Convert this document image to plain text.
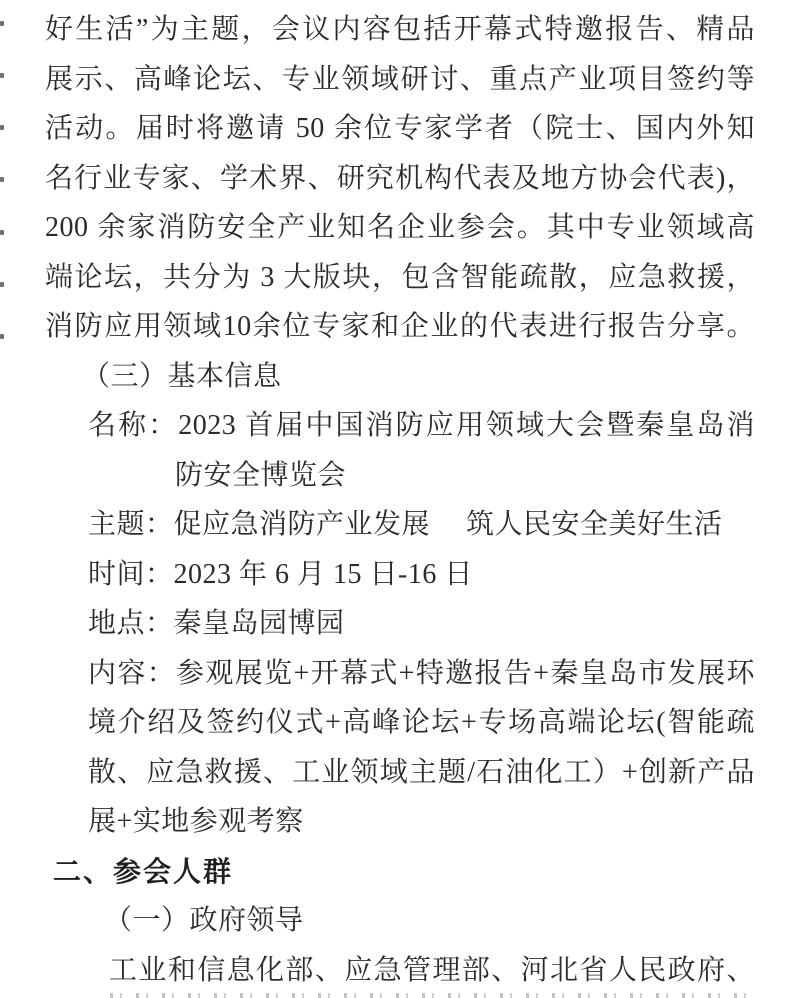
好生活”为主题，会议内容包括开幕式特邀报告、精品
展示、高峰论坛、专业领域研讨、重点产业项目签约等
活动。届时将邀请 50 余位专家学者（院士、国内外知
名行业专家、学术界、研究机构代表及地方协会代表)，
200 余家消防安全产业知名企业参会。其中专业领域高
端论坛，共分为 3 大版块，包含智能疏散，应急救援，
消防应用领域10余位专家和企业的代表进行报告分享。
（三）基本信息
名称：2023 首届中国消防应用领域大会暨秦皇岛消
防安全博览会
主题：促应急消防产业发展　 筑人民安全美好生活
时间：2023 年 6 月 15 日-16 日
地点：秦皇岛园博园
内容：参观展览+开幕式+特邀报告+秦皇岛市发展环
境介绍及签约仪式+高峰论坛+专场高端论坛(智能疏
散、应急救援、工业领域主题/石油化工）+创新产品
展+实地参观考察
二、参会人群
（一）政府领导
工业和信息化部、应急管理部、河北省人民政府、
